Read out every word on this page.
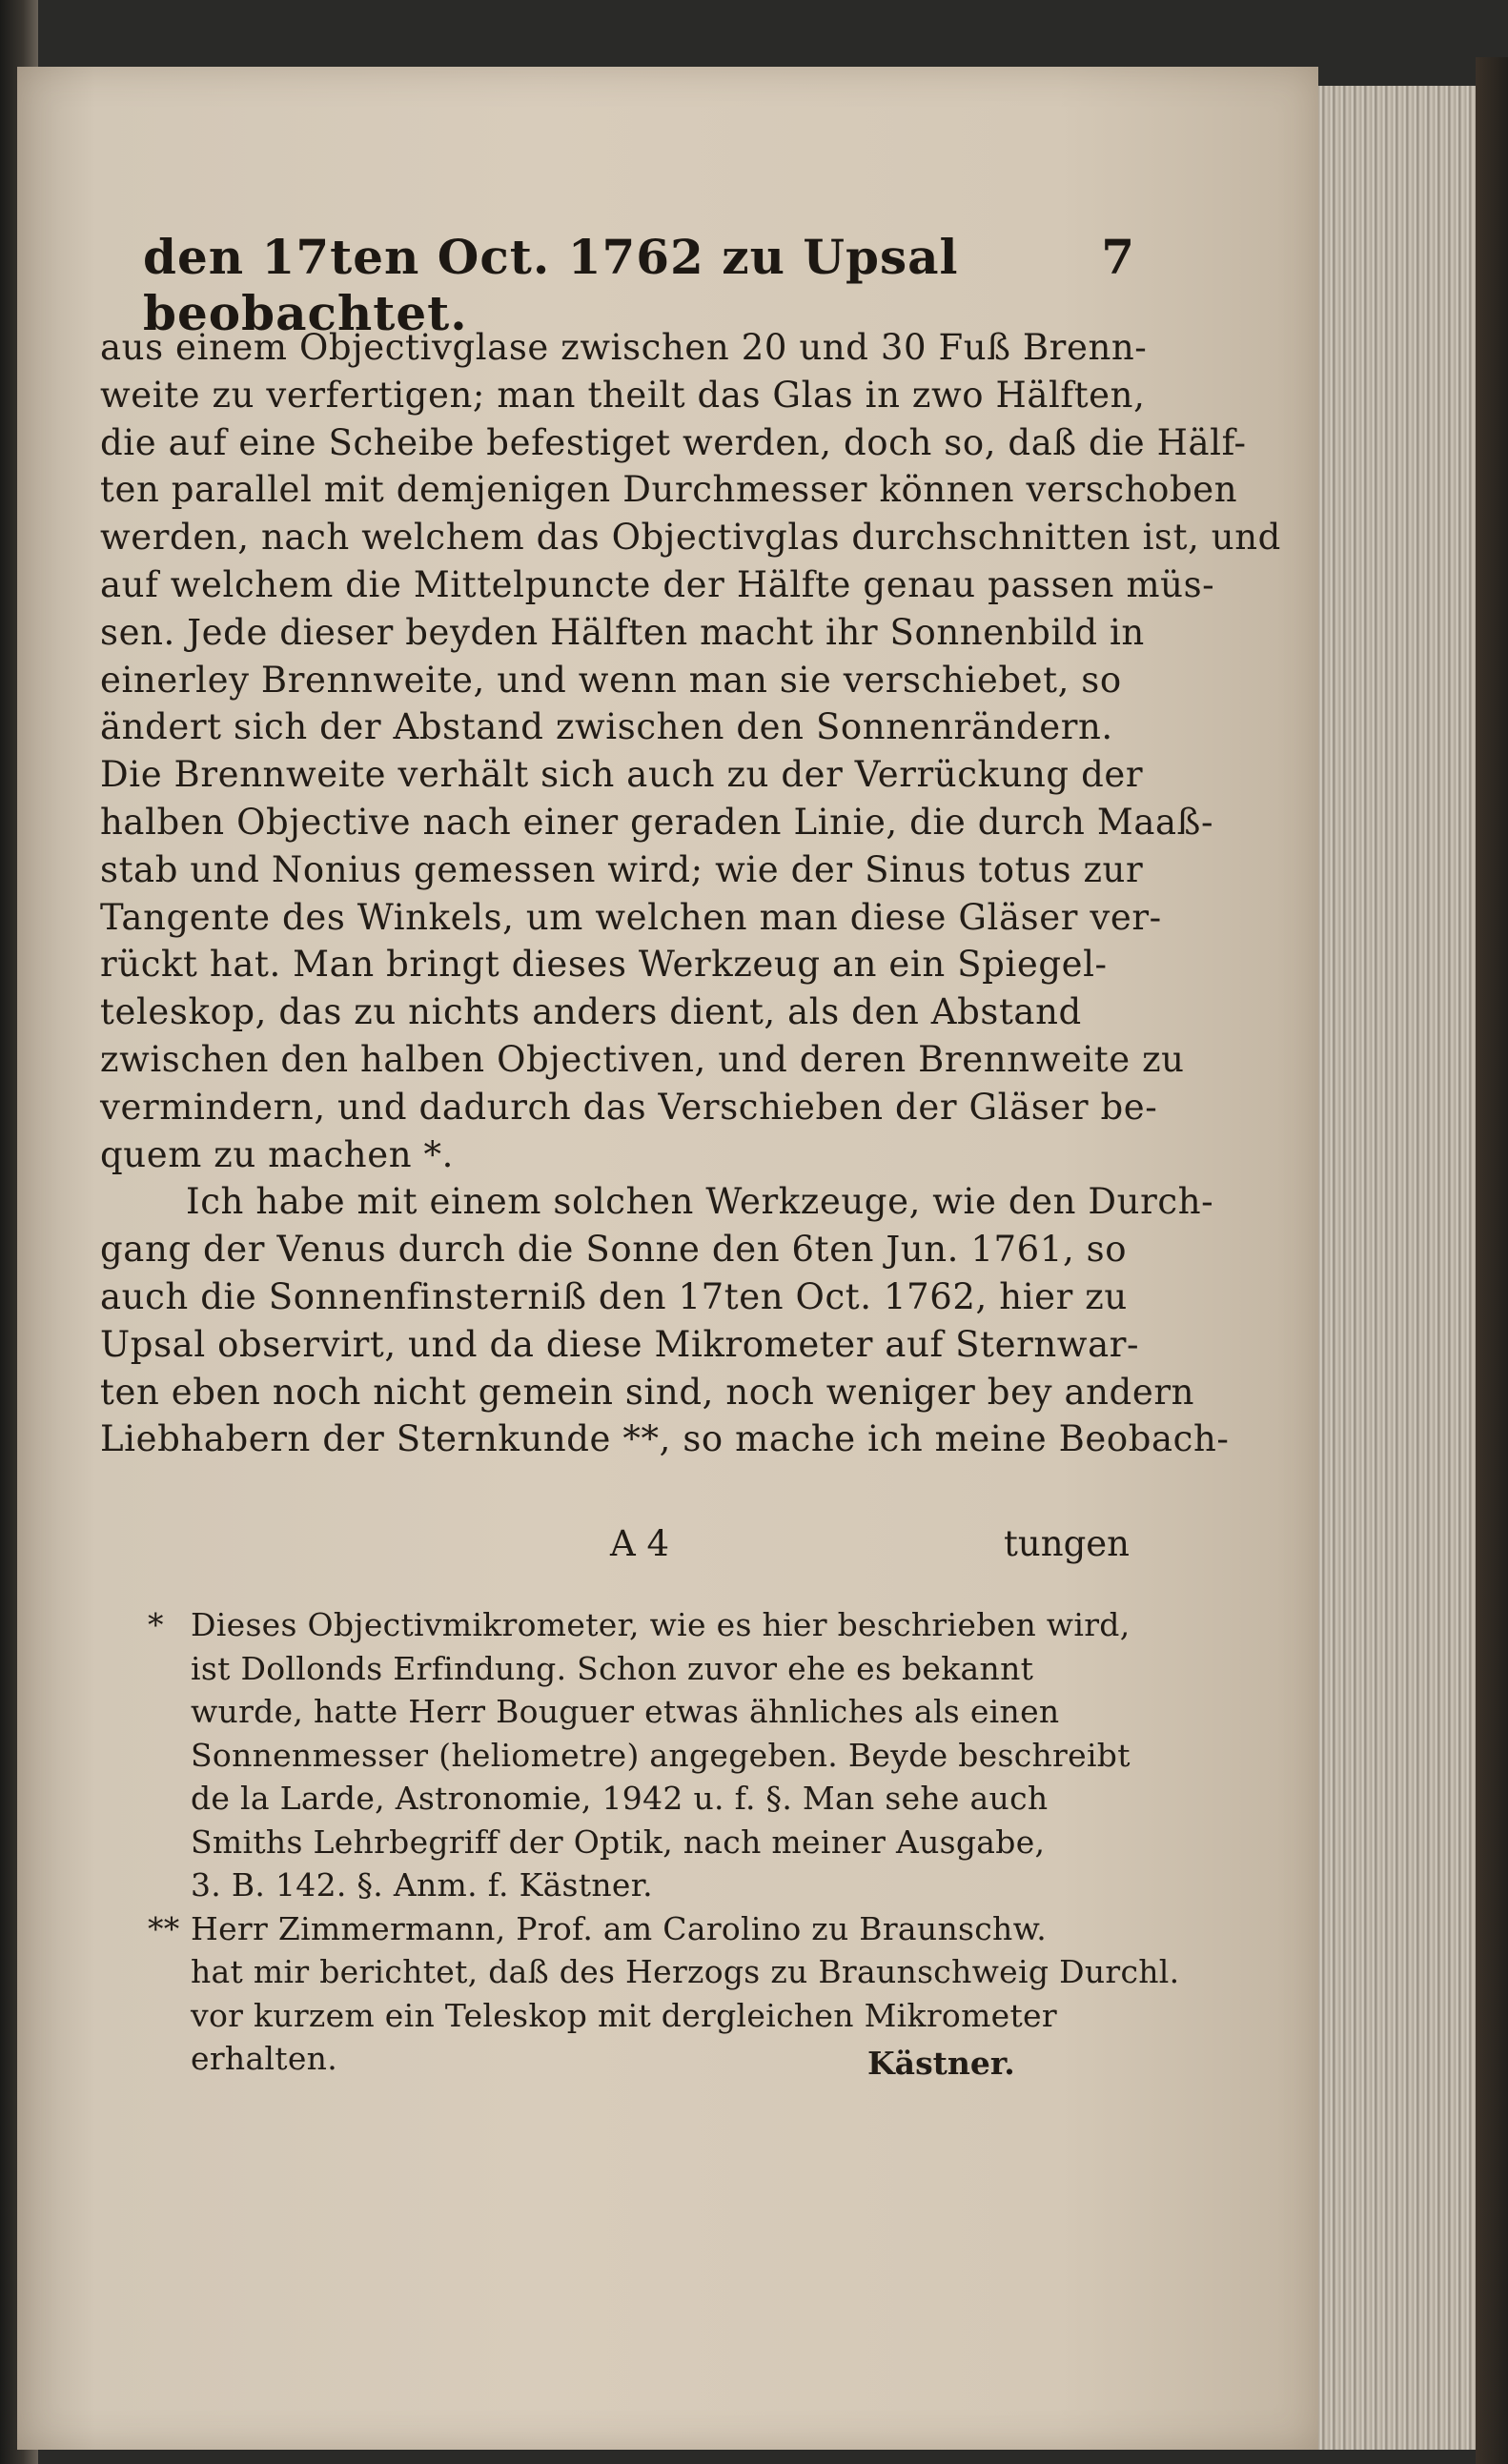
den 17ten Oct. 1762 zu Upsal beobachtet.
7
aus einem Objectivglase zwischen 20 und 30 Fuß Brenn-
weite zu verfertigen; man theilt das Glas in zwo Hälften,
die auf eine Scheibe befestiget werden, doch so, daß die Hälf-
ten parallel mit demjenigen Durchmesser können verschoben
werden, nach welchem das Objectivglas durchschnitten ist, und
auf welchem die Mittelpuncte der Hälfte genau passen müs-
sen. Jede dieser beyden Hälften macht ihr Sonnenbild in
einerley Brennweite, und wenn man sie verschiebet, so
ändert sich der Abstand zwischen den Sonnenrändern.
Die Brennweite verhält sich auch zu der Verrückung der
halben Objective nach einer geraden Linie, die durch Maaß-
stab und Nonius gemessen wird; wie der Sinus totus zur
Tangente des Winkels, um welchen man diese Gläser ver-
rückt hat. Man bringt dieses Werkzeug an ein Spiegel-
teleskop, das zu nichts anders dient, als den Abstand
zwischen den halben Objectiven, und deren Brennweite zu
vermindern, und dadurch das Verschieben der Gläser be-
quem zu machen *.
Ich habe mit einem solchen Werkzeuge, wie den Durch-
gang der Venus durch die Sonne den 6ten Jun. 1761, so
auch die Sonnenfinsterniß den 17ten Oct. 1762, hier zu
Upsal observirt, und da diese Mikrometer auf Sternwar-
ten eben noch nicht gemein sind, noch weniger bey andern
Liebhabern der Sternkunde **, so mache ich meine Beobach-
A 4	tungen
* Dieses Objectivmikrometer, wie es hier beschrieben wird,
ist Dollonds Erfindung. Schon zuvor ehe es bekannt
wurde, hatte Herr Bouguer etwas ähnliches als einen
Sonnenmesser (heliometre) angegeben. Beyde beschreibt
de la Larde, Astronomie, 1942 u. f. §. Man sehe auch
Smiths Lehrbegriff der Optik, nach meiner Ausgabe,
3. B. 142. §. Anm. f. Kästner.
** Herr Zimmermann, Prof. am Carolino zu Braunschw.
hat mir berichtet, daß des Herzogs zu Braunschweig Durchl.
vor kurzem ein Teleskop mit dergleichen Mikrometer
erhalten.	Kästner.
